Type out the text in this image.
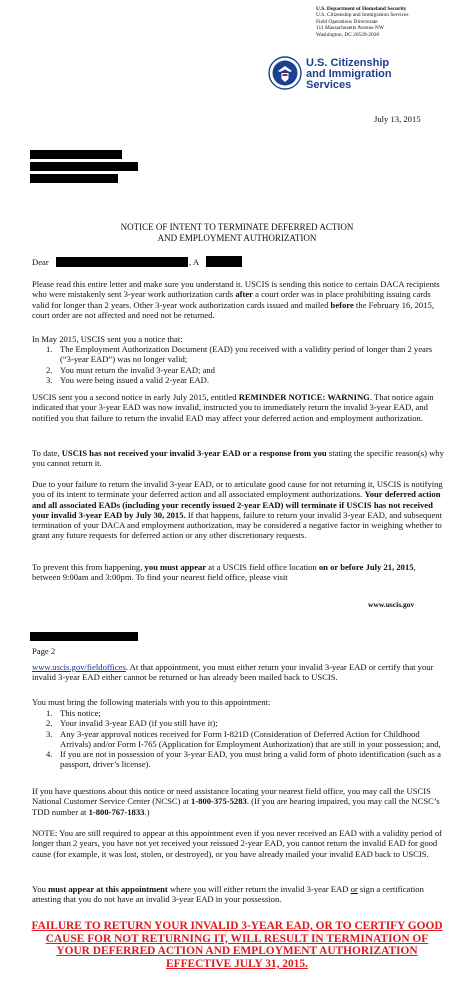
U.S. Department of Homeland Security
U.S. Citizenship and Immigration Services
Field Operations Directorate
111 Massachusetts Avenue NW
Washington, DC 20529-2030
U.S. Citizenship
and Immigration
Services
July 13, 2015
NOTICE OF INTENT TO TERMINATE DEFERRED ACTION
AND EMPLOYMENT AUTHORIZATION
Dear	, A

Please read this entire letter and make sure you understand it. USCIS is sending this notice to certain DACA recipients who were mistakenly sent 3-year work authorization cards after a court order was in place prohibiting issuing cards valid for longer than 2 years. Other 3-year work authorization cards issued and mailed before the February 16, 2015, court order are not affected and need not be returned.

In May 2015, USCIS sent you a notice that:

1. The Employment Authorization Document (EAD) you received with a validity period of longer than 2 years (“3-year EAD”) was no longer valid;
2. You must return the invalid 3-year EAD; and
3. You were being issued a valid 2-year EAD.

USCIS sent you a second notice in early July 2015, entitled REMINDER NOTICE: WARNING. That notice again indicated that your 3-year EAD was now invalid, instructed you to immediately return the invalid 3-year EAD, and notified you that failure to return the invalid EAD may affect your deferred action and employment authorization.

To date, USCIS has not received your invalid 3-year EAD or a response from you stating the specific reason(s) why you cannot return it.

Due to your failure to return the invalid 3-year EAD, or to articulate good cause for not returning it, USCIS is notifying you of its intent to terminate your deferred action and all associated employment authorizations. Your deferred action and all associated EADs (including your recently issued 2-year EAD) will terminate if USCIS has not received your invalid 3-year EAD by July 30, 2015. If that happens, failure to return your invalid 3-year EAD, and subsequent termination of your DACA and employment authorization, may be considered a negative factor in weighing whether to grant any future requests for deferred action or any other discretionary requests.

To prevent this from happening, you must appear at a USCIS field office location on or before July 21, 2015, between 9:00am and 3:00pm. To find your nearest field office, please visit

www.uscis.gov
Page 2

www.uscis.gov/fieldoffices. At that appointment, you must either return your invalid 3-year EAD or certify that your invalid 3-year EAD either cannot be returned or has already been mailed back to USCIS.

You must bring the following materials with you to this appointment:

1. This notice;
2. Your invalid 3-year EAD (if you still have it);
3. Any 3-year approval notices received for Form I-821D (Consideration of Deferred Action for Childhood Arrivals) and/or Form I-765 (Application for Employment Authorization) that are still in your possession; and,
4. If you are not in possession of your 3-year EAD, you must bring a valid form of photo identification (such as a passport, driver’s license).

If you have questions about this notice or need assistance locating your nearest field office, you may call the USCIS National Customer Service Center (NCSC) at 1-800-375-5283. (If you are hearing impaired, you may call the NCSC’s TDD number at 1-800-767-1833.)

NOTE: You are still required to appear at this appointment even if you never received an EAD with a validity period of longer than 2 years, you have not yet received your reissued 2-year EAD, you cannot return the invalid EAD for good cause (for example, it was lost, stolen, or destroyed), or you have already mailed your invalid EAD back to USCIS.

You must appear at this appointment where you will either return the invalid 3-year EAD or sign a certification attesting that you do not have an invalid 3-year EAD in your possession.

FAILURE TO RETURN YOUR INVALID 3-YEAR EAD, OR TO CERTIFY GOOD CAUSE FOR NOT RETURNING IT, WILL RESULT IN TERMINATION OF YOUR DEFERRED ACTION AND EMPLOYMENT AUTHORIZATION EFFECTIVE JULY 31, 2015.
